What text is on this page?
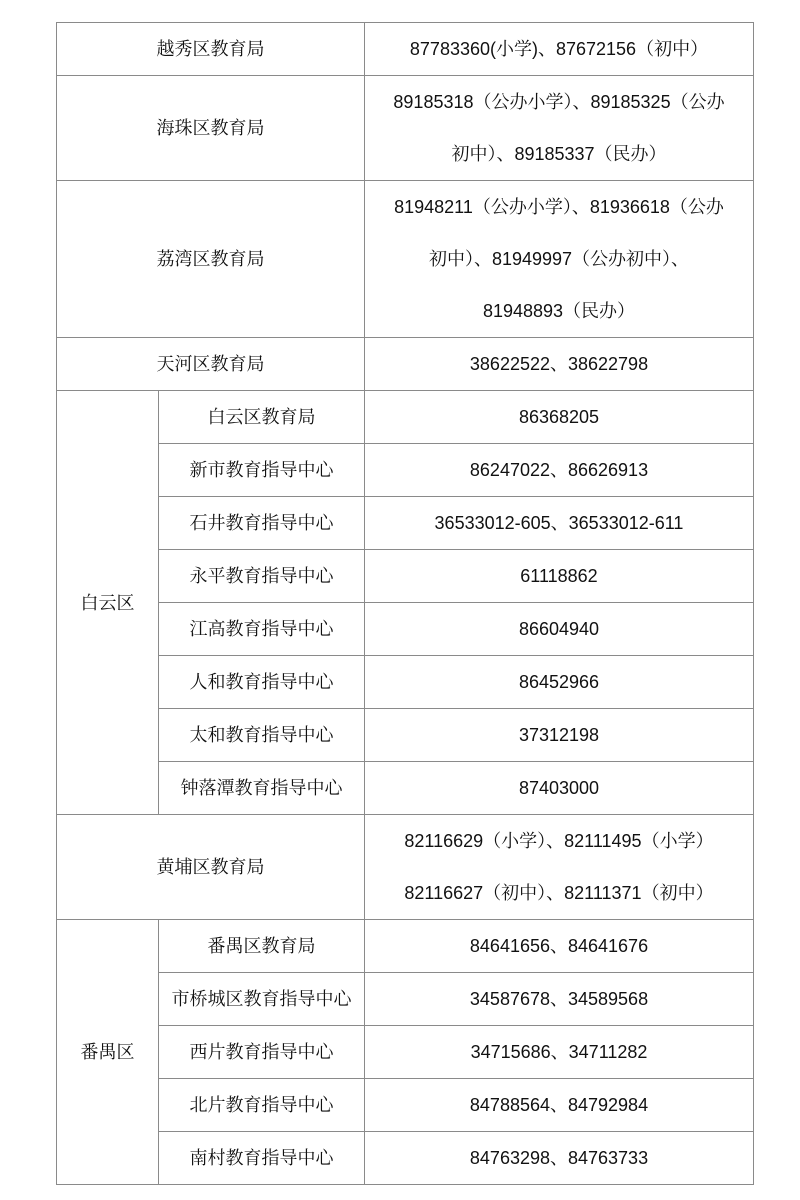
越秀区教育局		87783360(小学)、87672156（初中）

海珠区教育局		89185318（公办小学）、89185325（公办
初中）、89185337（民办）

荔湾区教育局		81948211（公办小学）、81936618（公办
初中）、81949997（公办初中）、
81948893（民办）

天河区教育局		38622522、38622798
白云区	白云区教育局	86368205
	新市教育指导中心	86247022、86626913
	石井教育指导中心	36533012-605、36533012-611
	永平教育指导中心	61118862
	江高教育指导中心	86604940
	人和教育指导中心	86452966
	太和教育指导中心	37312198
	钟落潭教育指导中心	87403000
黄埔区教育局		82116629（小学）、82111495（小学）
82116627（初中）、82111371（初中）

番禺区	番禺区教育局	84641656、84641676
	市桥城区教育指导中心	34587678、34589568
	西片教育指导中心	34715686、34711282
	北片教育指导中心	84788564、84792984
	南村教育指导中心	84763298、84763733
